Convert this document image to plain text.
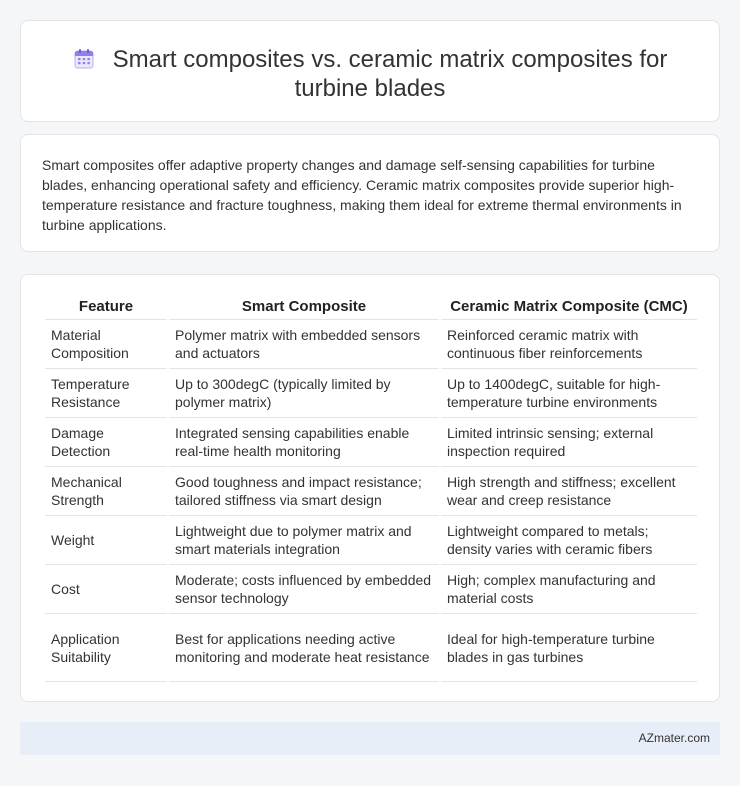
Smart composites vs. ceramic matrix composites for
turbine blades

Smart composites offer adaptive property changes and damage self-sensing capabilities for turbine blades, enhancing operational safety and efficiency. Ceramic matrix composites provide superior high-temperature resistance and fracture toughness, making them ideal for extreme thermal environments in turbine applications.

Feature	Smart Composite	Ceramic Matrix Composite (CMC)
Material Composition	Polymer matrix with embedded sensors and actuators	Reinforced ceramic matrix with continuous fiber reinforcements
Temperature Resistance	Up to 300degC (typically limited by polymer matrix)	Up to 1400degC, suitable for high-temperature turbine environments
Damage Detection	Integrated sensing capabilities enable real-time health monitoring	Limited intrinsic sensing; external inspection required
Mechanical Strength	Good toughness and impact resistance; tailored stiffness via smart design	High strength and stiffness; excellent wear and creep resistance
Weight	Lightweight due to polymer matrix and smart materials integration	Lightweight compared to metals; density varies with ceramic fibers
Cost	Moderate; costs influenced by embedded sensor technology	High; complex manufacturing and material costs
Application Suitability	Best for applications needing active monitoring and moderate heat resistance	Ideal for high-temperature turbine blades in gas turbines
AZmater.com
